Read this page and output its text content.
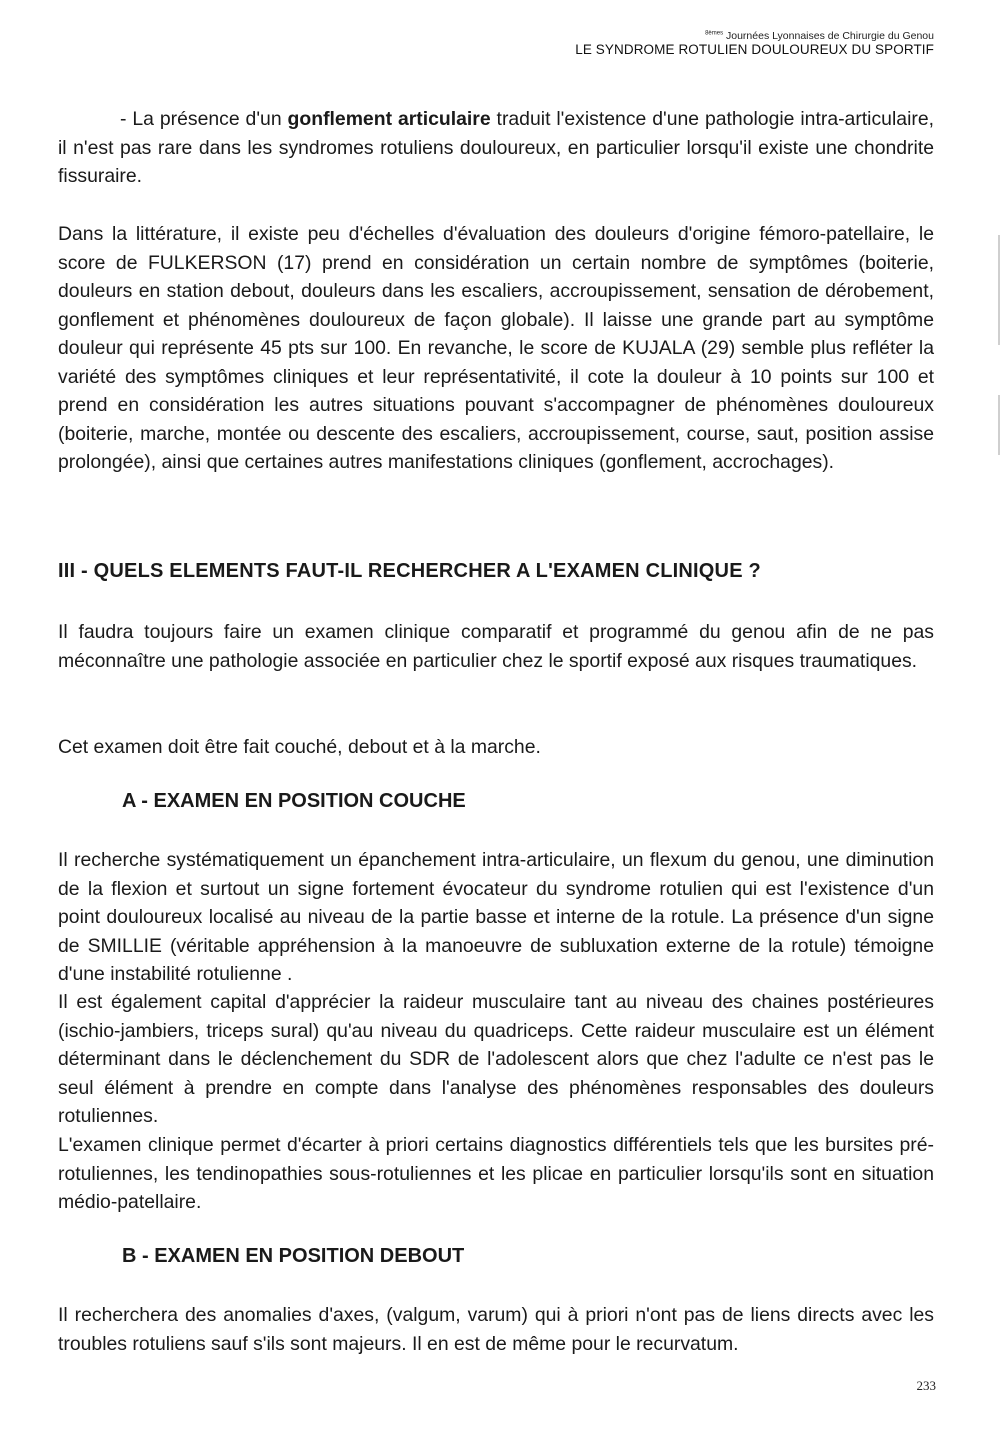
$^{8èmes}$ Journées Lyonnaises de Chirurgie du Genou
LE SYNDROME ROTULIEN DOULOUREUX DU SPORTIF

- La présence d'un gonflement articulaire traduit l'existence d'une pathologie intra-articulaire, il n'est pas rare dans les syndromes rotuliens douloureux, en particulier lorsqu'il existe une chondrite fissuraire.

Dans la littérature, il existe peu d'échelles d'évaluation des douleurs d'origine fémoro-patellaire, le score de FULKERSON (17) prend en considération un certain nombre de symptômes (boiterie, douleurs en station debout, douleurs dans les escaliers, accroupissement, sensation de dérobement, gonflement et phénomènes douloureux de façon globale). Il laisse une grande part au symptôme douleur qui représente 45 pts sur 100. En revanche, le score de KUJALA (29) semble plus refléter la variété des symptômes cliniques et leur représentativité, il cote la douleur à 10 points sur 100 et prend en considération les autres situations pouvant s'accompagner de phénomènes douloureux (boiterie, marche, montée ou descente des escaliers, accroupissement, course, saut, position assise prolongée), ainsi que certaines autres manifestations cliniques (gonflement, accrochages).

III - QUELS ELEMENTS FAUT-IL RECHERCHER A L'EXAMEN CLINIQUE ?

Il faudra toujours faire un examen clinique comparatif et programmé du genou afin de ne pas méconnaître une pathologie associée en particulier chez le sportif exposé aux risques traumatiques.

Cet examen doit être fait couché, debout et à la marche.

A - EXAMEN EN POSITION COUCHE

Il recherche systématiquement un épanchement intra-articulaire, un flexum du genou, une diminution de la flexion et surtout un signe fortement évocateur du syndrome rotulien qui est l'existence d'un point douloureux localisé au niveau de la partie basse et interne de la rotule. La présence d'un signe de SMILLIE (véritable appréhension à la manoeuvre de subluxation externe de la rotule) témoigne d'une instabilité rotulienne .

Il est également capital d'apprécier la raideur musculaire tant au niveau des chaines postérieures (ischio-jambiers, triceps sural) qu'au niveau du quadriceps. Cette raideur musculaire est un élément déterminant dans le déclenchement du SDR de l'adolescent alors que chez l'adulte ce n'est pas le seul élément à prendre en compte dans l'analyse des phénomènes responsables des douleurs rotuliennes.

L'examen clinique permet d'écarter à priori certains diagnostics différentiels tels que les bursites pré-rotuliennes, les tendinopathies sous-rotuliennes et les plicae en particulier lorsqu'ils sont en situation médio-patellaire.

B - EXAMEN EN POSITION DEBOUT

Il recherchera des anomalies d'axes, (valgum, varum) qui à priori n'ont pas de liens directs avec les troubles rotuliens sauf s'ils sont majeurs. Il en est de même pour le recurvatum.

233
